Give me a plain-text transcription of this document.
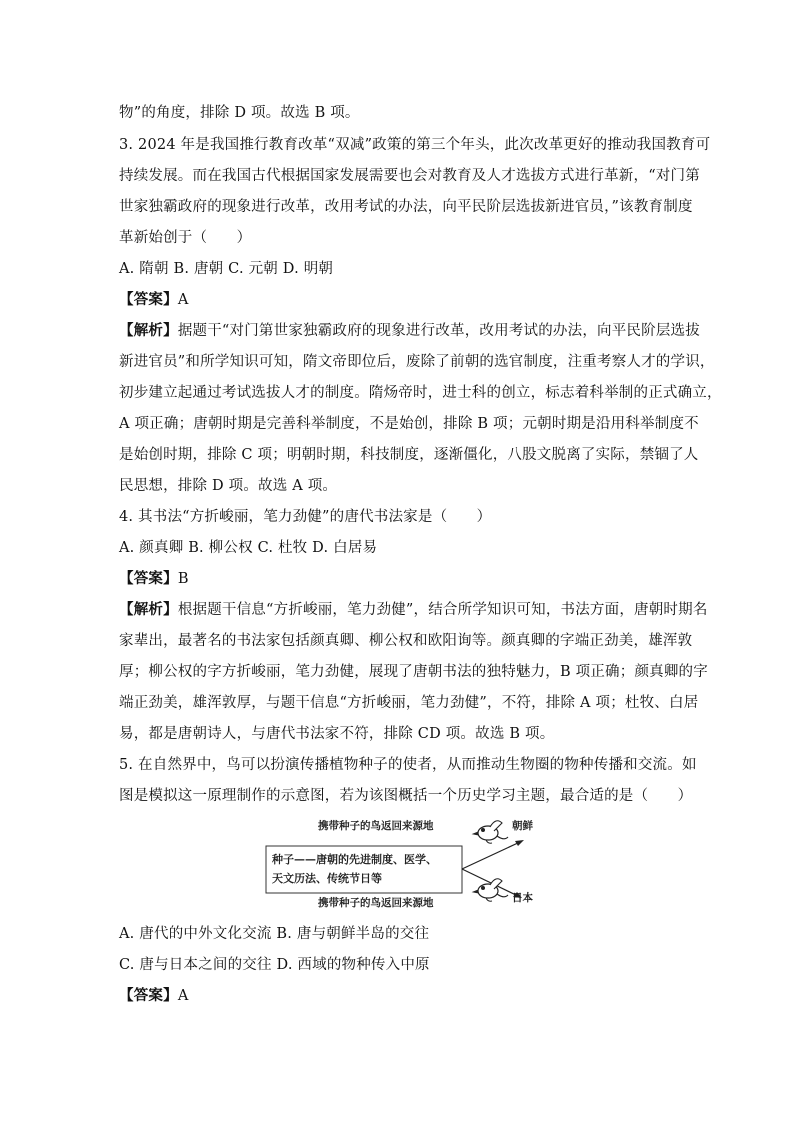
物”的角度，排除 D 项。故选 B 项。
3. 2024 年是我国推行教育改革“双减”政策的第三个年头，此次改革更好的推动我国教育可
持续发展。而在我国古代根据国家发展需要也会对教育及人才选拔方式进行革新，“对门第
世家独霸政府的现象进行改革，改用考试的办法，向平民阶层选拔新进官员，”该教育制度
革新始创于（　　）
A. 隋朝 B. 唐朝 C. 元朝 D. 明朝
【答案】A
【解析】据题干“对门第世家独霸政府的现象进行改革，改用考试的办法，向平民阶层选拔
新进官员”和所学知识可知，隋文帝即位后，废除了前朝的选官制度，注重考察人才的学识，
初步建立起通过考试选拔人才的制度。隋炀帝时，进士科的创立，标志着科举制的正式确立，
A 项正确；唐朝时期是完善科举制度，不是始创，排除 B 项；元朝时期是沿用科举制度不
是始创时期，排除 C 项；明朝时期，科技制度，逐渐僵化，八股文脱离了实际，禁锢了人
民思想，排除 D 项。故选 A 项。
4. 其书法“方折峻丽，笔力劲健”的唐代书法家是（　　）
A. 颜真卿 B. 柳公权 C. 杜牧 D. 白居易
【答案】B
【解析】根据题干信息“方折峻丽，笔力劲健”，结合所学知识可知，书法方面，唐朝时期名
家辈出，最著名的书法家包括颜真卿、柳公权和欧阳询等。颜真卿的字端正劲美，雄浑敦
厚；柳公权的字方折峻丽，笔力劲健，展现了唐朝书法的独特魅力，B 项正确；颜真卿的字
端正劲美，雄浑敦厚，与题干信息“方折峻丽，笔力劲健”，不符，排除 A 项；杜牧、白居
易，都是唐朝诗人，与唐代书法家不符，排除 CD 项。故选 B 项。
5. 在自然界中，鸟可以扮演传播植物种子的使者，从而推动生物圈的物种传播和交流。如
图是模拟这一原理制作的示意图，若为该图概括一个历史学习主题，最合适的是（　　）
携带种子的鸟返回来源地
携带种子的鸟返回来源地
种子——唐朝的先进制度、医学、
天文历法、传统节日等
朝鲜
日本
A. 唐代的中外文化交流 B. 唐与朝鲜半岛的交往
C. 唐与日本之间的交往 D. 西域的物种传入中原
【答案】A
